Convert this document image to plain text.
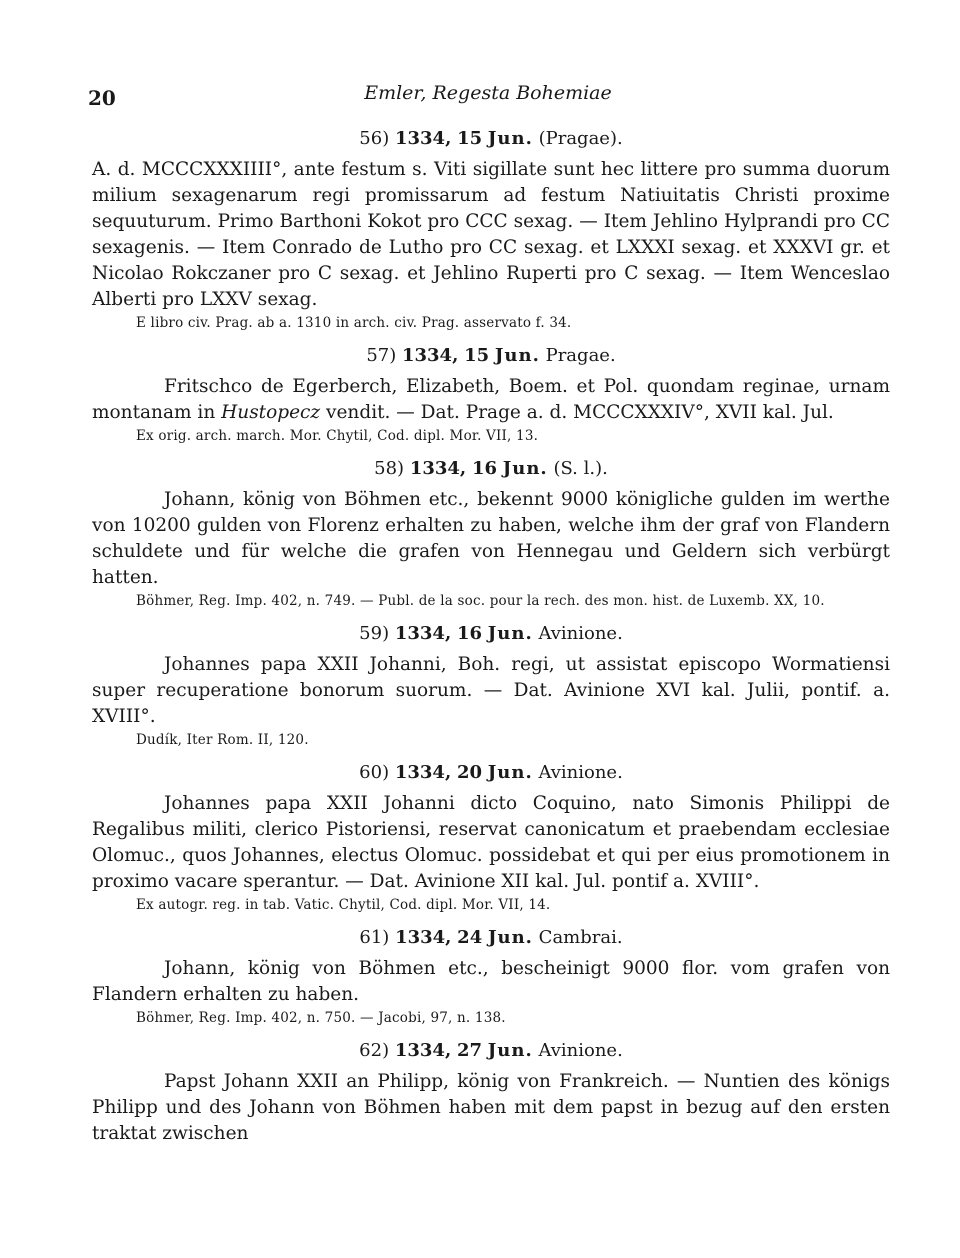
20	Emler, Regesta Bohemiae
56) 1334, 15 Jun. (Pragae).

A. d. MCCCXXXIIII°, ante festum s. Viti sigillate sunt hec littere pro summa duorum milium sexagenarum regi promissarum ad festum Natiuitatis Christi proxime sequuturum. Primo Barthoni Kokot pro CCC sexag. — Item Jehlino Hylprandi pro CC sexagenis. — Item Conrado de Lutho pro CC sexag. et LXXXI sexag. et XXXVI gr. et Nicolao Rokczaner pro C sexag. et Jehlino Ruperti pro C sexag. — Item Wenceslao Alberti pro LXXV sexag.

E libro civ. Prag. ab a. 1310 in arch. civ. Prag. asservato f. 34.
57) 1334, 15 Jun. Pragae.

Fritschco de Egerberch, Elizabeth, Boem. et Pol. quondam reginae, urnam montanam in Hustopecz vendit. — Dat. Prage a. d. MCCCXXXIV°, XVII kal. Jul.

Ex orig. arch. march. Mor. Chytil, Cod. dipl. Mor. VII, 13.
58) 1334, 16 Jun. (S. l.).

Johann, könig von Böhmen etc., bekennt 9000 königliche gulden im werthe von 10200 gulden von Florenz erhalten zu haben, welche ihm der graf von Flandern schuldete und für welche die grafen von Hennegau und Geldern sich verbürgt hatten.

Böhmer, Reg. Imp. 402, n. 749. — Publ. de la soc. pour la rech. des mon. hist. de Luxemb. XX, 10.
59) 1334, 16 Jun. Avinione.

Johannes papa XXII Johanni, Boh. regi, ut assistat episcopo Wormatiensi super recuperatione bonorum suorum. — Dat. Avinione XVI kal. Julii, pontif. a. XVIII°.

Dudík, Iter Rom. II, 120.
60) 1334, 20 Jun. Avinione.

Johannes papa XXII Johanni dicto Coquino, nato Simonis Philippi de Regalibus militi, clerico Pistoriensi, reservat canonicatum et praebendam ecclesiae Olomuc., quos Johannes, electus Olomuc. possidebat et qui per eius promotionem in proximo vacare sperantur. — Dat. Avinione XII kal. Jul. pontif a. XVIII°.

Ex autogr. reg. in tab. Vatic. Chytil, Cod. dipl. Mor. VII, 14.
61) 1334, 24 Jun. Cambrai.

Johann, könig von Böhmen etc., bescheinigt 9000 flor. vom grafen von Flandern erhalten zu haben.

Böhmer, Reg. Imp. 402, n. 750. — Jacobi, 97, n. 138.
62) 1334, 27 Jun. Avinione.

Papst Johann XXII an Philipp, könig von Frankreich. — Nuntien des königs Philipp und des Johann von Böhmen haben mit dem papst in bezug auf den ersten traktat zwischen
